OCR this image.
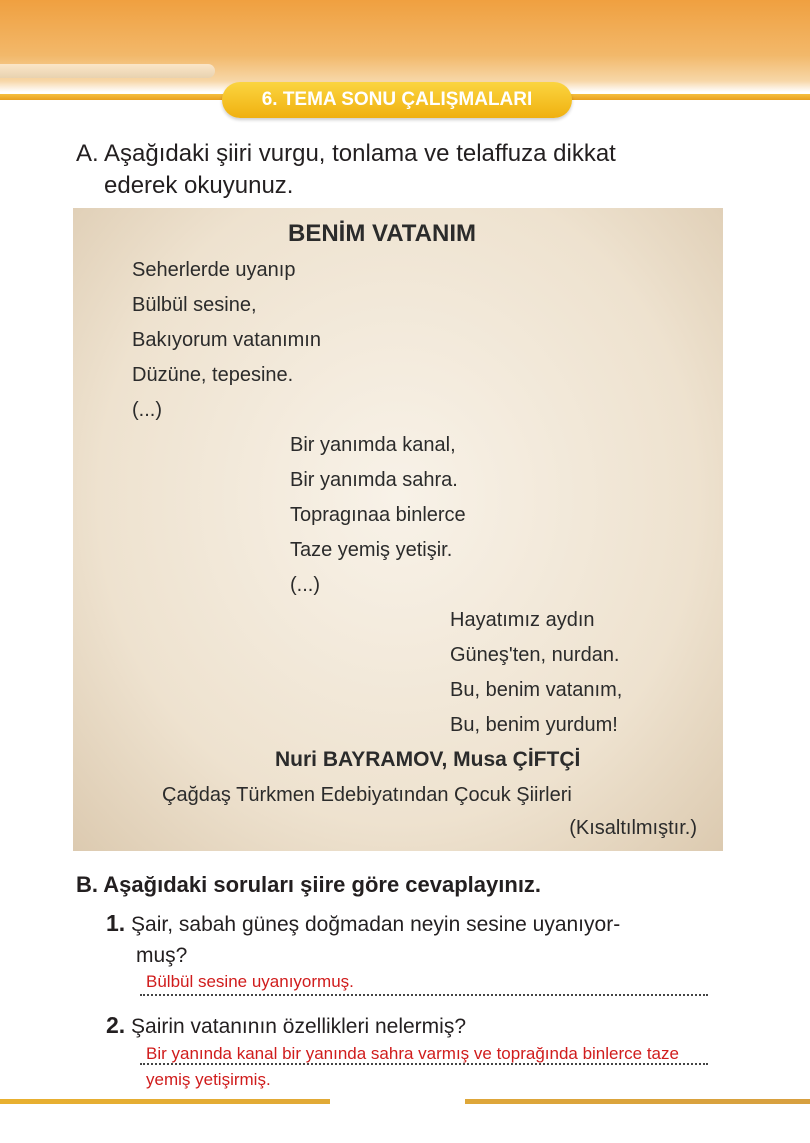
6. TEMA SONU ÇALIŞMALARI
A. Aşağıdaki şiiri vurgu, tonlama ve telaffuza dikkat
ederek okuyunuz.
BENİM VATANIM
Seherlerde uyanıp
Bülbül sesine,
Bakıyorum vatanımın
Düzüne, tepesine.
(...)
Bir yanımda kanal,
Bir yanımda sahra.
Topragınaa binlerce
Taze yemiş yetişir.
(...)
Hayatımız aydın
Güneş'ten, nurdan.
Bu, benim vatanım,
Bu, benim yurdum!
Nuri BAYRAMOV, Musa ÇİFTÇİ
Çağdaş Türkmen Edebiyatından Çocuk Şiirleri
(Kısaltılmıştır.)
B. Aşağıdaki soruları şiire göre cevaplayınız.
1. Şair, sabah güneş doğmadan neyin sesine uyanıyor-
muş?
Bülbül sesine uyanıyormuş.
2. Şairin vatanının özellikleri nelermiş?
Bir yanında kanal bir yanında sahra varmış ve toprağında binlerce taze
yemiş yetişirmiş.
